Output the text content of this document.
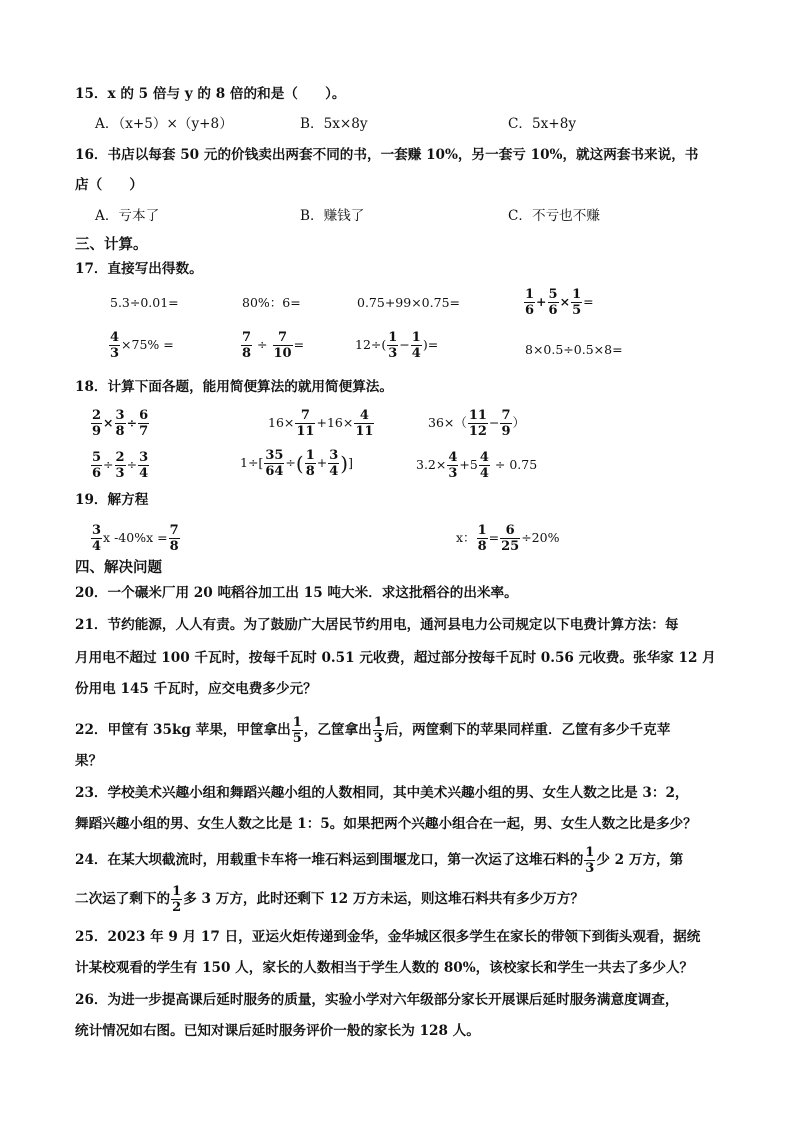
15．x 的 5 倍与 y 的 8 倍的和是（　　）。
A．（x+5）×（y+8）	B．5x×8y	C．5x+8y
16．书店以每套 50 元的价钱卖出两套不同的书，一套赚 10%，另一套亏 10%，就这两套书来说，书
店（　　）
A．亏本了	B．赚钱了	C．不亏也不赚
三、计算。
17．直接写出得数。
5.3÷0.01=	80%：6=	0.75+99×0.75=	$\frac{1}{6} + \frac{5}{6} \times \frac{1}{5}$ =
$\frac{4}{3} \times 75\%$ =	$\frac{7}{8} \div \frac{7}{10}$ =	$12\div( \frac{1}{3} - \frac{1}{4}$ )=	8×0.5÷0.5×8=
18．计算下面各题，能用简便算法的就用简便算法。
$\frac{2}{9} \times \frac{3}{8} \div \frac{6}{7}$	$16\times \frac{7}{11} +16\times \frac{4}{11}$	$36\times( \frac{11}{12} - \frac{7}{9}$ ）
$\frac{5}{6} \div \frac{2}{3} \div \frac{3}{4}$	$1\div[ \frac{35}{64}$ ÷( $\frac{1}{8} + \frac{3}{4}$ )]	$3.2\times \frac{4}{3} +5 \frac{4}{4} \div 0.75$
19．解方程
$\frac{3}{4}$ x $-40\%x = \frac{7}{8}$	x： $\frac{1}{8} = \frac{6}{25} \div 20\%$
四、解决问题
20．一个碾米厂用 20 吨稻谷加工出 15 吨大米．求这批稻谷的出米率。
21．节约能源，人人有责。为了鼓励广大居民节约用电，通河县电力公司规定以下电费计算方法：每
月用电不超过 100 千瓦时，按每千瓦时 0.51 元收费，超过部分按每千瓦时 0.56 元收费。张华家 12 月
份用电 145 千瓦时，应交电费多少元？
22．甲筐有 35kg 苹果，甲筐拿出 $\frac{1}{5}$ ，乙筐拿出 $\frac{1}{3}$ 后，两筐剩下的苹果同样重．乙筐有多少千克苹
果？
23．学校美术兴趣小组和舞蹈兴趣小组的人数相同，其中美术兴趣小组的男、女生人数之比是 3：2，
舞蹈兴趣小组的男、女生人数之比是 1：5。如果把两个兴趣小组合在一起，男、女生人数之比是多少？
24．在某大坝截流时，用载重卡车将一堆石料运到围堰龙口，第一次运了这堆石料的 $\frac{1}{3}$ 少 2 万方，第
二次运了剩下的 $\frac{1}{2}$ 多 3 万方，此时还剩下 12 万方未运，则这堆石料共有多少万方？
25．2023 年 9 月 17 日，亚运火炬传递到金华，金华城区很多学生在家长的带领下到街头观看，据统
计某校观看的学生有 150 人，家长的人数相当于学生人数的 80%，该校家长和学生一共去了多少人？
26．为进一步提高课后延时服务的质量，实验小学对六年级部分家长开展课后延时服务满意度调查，
统计情况如右图。已知对课后延时服务评价一般的家长为 128 人。
